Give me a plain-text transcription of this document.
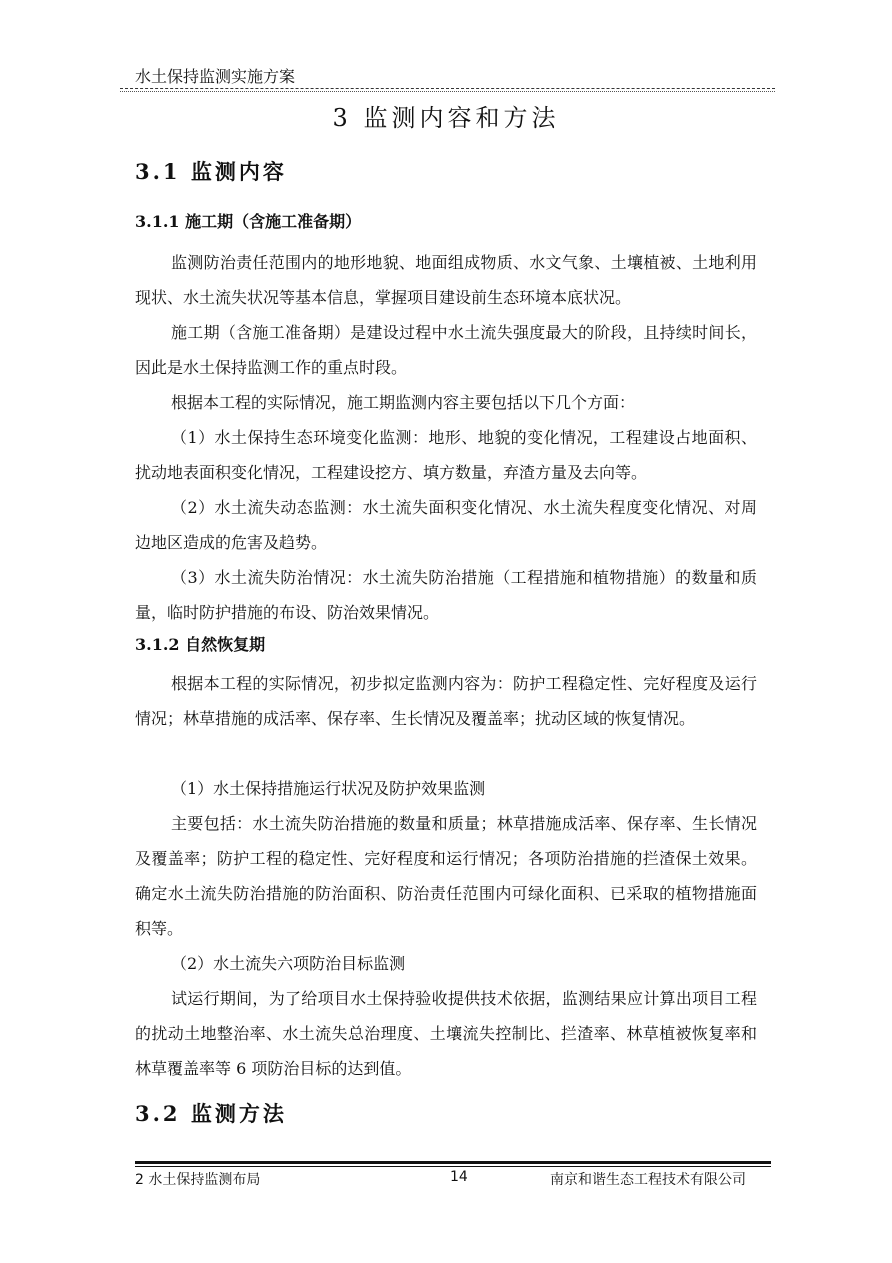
水土保持监测实施方案
3 监测内容和方法
3.1 监测内容
3.1.1 施工期（含施工准备期）
监测防治责任范围内的地形地貌、地面组成物质、水文气象、土壤植被、土地利用现状、水土流失状况等基本信息，掌握项目建设前生态环境本底状况。
施工期（含施工准备期）是建设过程中水土流失强度最大的阶段，且持续时间长，因此是水土保持监测工作的重点时段。
根据本工程的实际情况，施工期监测内容主要包括以下几个方面：
（1）水土保持生态环境变化监测：地形、地貌的变化情况，工程建设占地面积、扰动地表面积变化情况，工程建设挖方、填方数量，弃渣方量及去向等。
（2）水土流失动态监测：水土流失面积变化情况、水土流失程度变化情况、对周边地区造成的危害及趋势。
（3）水土流失防治情况：水土流失防治措施（工程措施和植物措施）的数量和质量，临时防护措施的布设、防治效果情况。
3.1.2 自然恢复期
根据本工程的实际情况，初步拟定监测内容为：防护工程稳定性、完好程度及运行情况；林草措施的成活率、保存率、生长情况及覆盖率；扰动区域的恢复情况。
（1）水土保持措施运行状况及防护效果监测
主要包括：水土流失防治措施的数量和质量；林草措施成活率、保存率、生长情况及覆盖率；防护工程的稳定性、完好程度和运行情况；各项防治措施的拦渣保土效果。确定水土流失防治措施的防治面积、防治责任范围内可绿化面积、已采取的植物措施面积等。
（2）水土流失六项防治目标监测
试运行期间，为了给项目水土保持验收提供技术依据，监测结果应计算出项目工程的扰动土地整治率、水土流失总治理度、土壤流失控制比、拦渣率、林草植被恢复率和林草覆盖率等 6 项防治目标的达到值。
3.2 监测方法
2 水土保持监测布局	14	南京和谐生态工程技术有限公司
